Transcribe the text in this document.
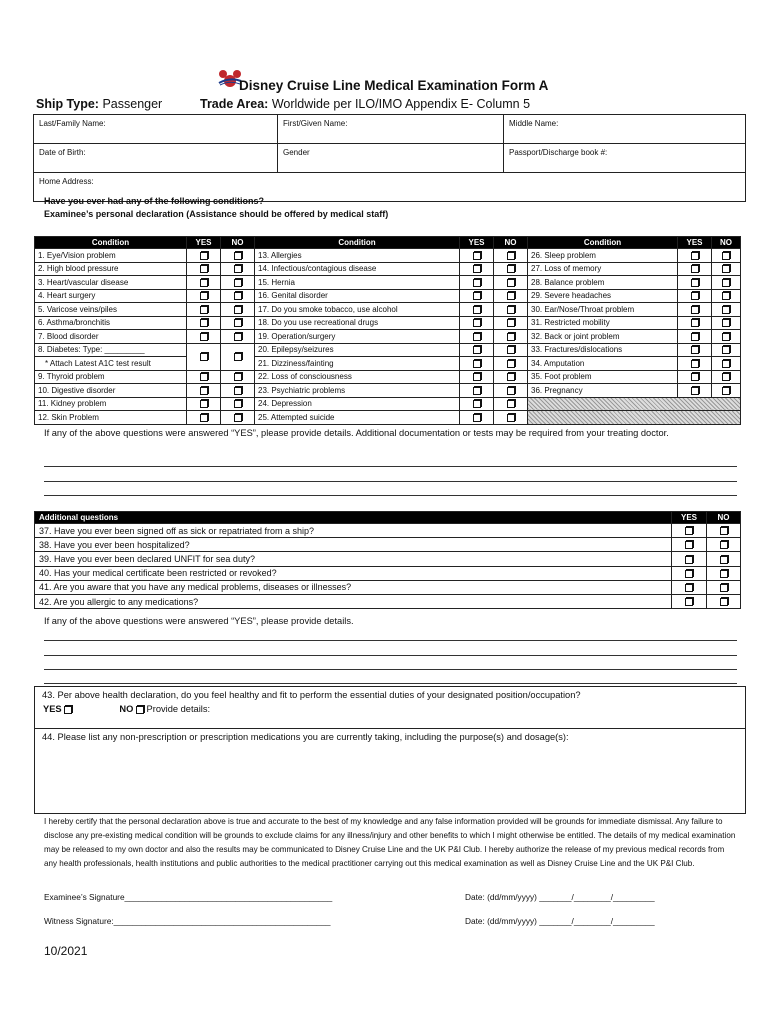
Disney Cruise Line Medical Examination Form A
Ship Type: Passenger	Trade Area: Worldwide per ILO/IMO Appendix E- Column 5
Last/Family Name:	First/Given Name:	Middle Name:
Date of Birth:	Gender	Passport/Discharge book #:
Home Address:		
Have you ever had any of the following conditions?
Examinee’s personal declaration (Assistance should be offered by medical staff)
Condition	YES	NO	Condition	YES	NO	Condition	YES	NO
1. Eye/Vision problem			13. Allergies			26. Sleep problem		
2. High blood pressure			14. Infectious/contagious disease			27. Loss of memory		
3. Heart/vascular disease			15. Hernia			28. Balance problem		
4. Heart surgery			16. Genital disorder			29. Severe headaches		
5. Varicose veins/piles			17. Do you smoke tobacco, use alcohol			30. Ear/Nose/Throat problem		
6. Asthma/bronchitis			18. Do you use recreational drugs			31. Restricted mobility		
7. Blood disorder			19. Operation/surgery			32. Back or joint problem		
8. Diabetes: Type: _________			20. Epilepsy/seizures			33. Fractures/dislocations		
* Attach Latest A1C test result			21. Dizziness/fainting			34. Amputation		
9. Thyroid problem			22. Loss of consciousness			35. Foot problem		
10. Digestive disorder			23. Psychiatric problems			36. Pregnancy		
11. Kidney problem			24. Depression					
12. Skin Problem			25. Attempted suicide					
If any of the above questions were answered “YES”, please provide details. Additional documentation or tests may be required from your treating doctor.
Additional questions	YES	NO
37. Have you ever been signed off as sick or repatriated from a ship?		
38. Have you ever been hospitalized?		
39. Have you ever been declared UNFIT for sea duty?		
40. Has your medical certificate been restricted or revoked?		
41. Are you aware that you have any medical problems, diseases or illnesses?		
42. Are you allergic to any medications?		
If any of the above questions were answered “YES”, please provide details.
43. Per above health declaration, do you feel healthy and fit to perform the essential duties of your designated position/occupation?
YES	NO Provide details:
44. Please list any non-prescription or prescription medications you are currently taking, including the purpose(s) and dosage(s):
I hereby certify that the personal declaration above is true and accurate to the best of my knowledge and any false information provided will be grounds for immediate dismissal. Any failure to disclose any pre-existing medical condition will be grounds to exclude claims for any illness/injury and other benefits to which I might otherwise be entitled. The details of my medical examination may be released to my own doctor and also the results may be communicated to Disney Cruise Line and the UK P&I Club. I hereby authorize the release of my previous medical records from any health professionals, health institutions and public authorities to the medical practitioner carrying out this medical examination as well as Disney Cruise Line and the UK P&I Club.
Examinee’s Signature_____________________________________________	Date: (dd/mm/yyyy) _______/________/_________
Witness Signature:_______________________________________________	Date: (dd/mm/yyyy) _______/________/_________
10/2021
